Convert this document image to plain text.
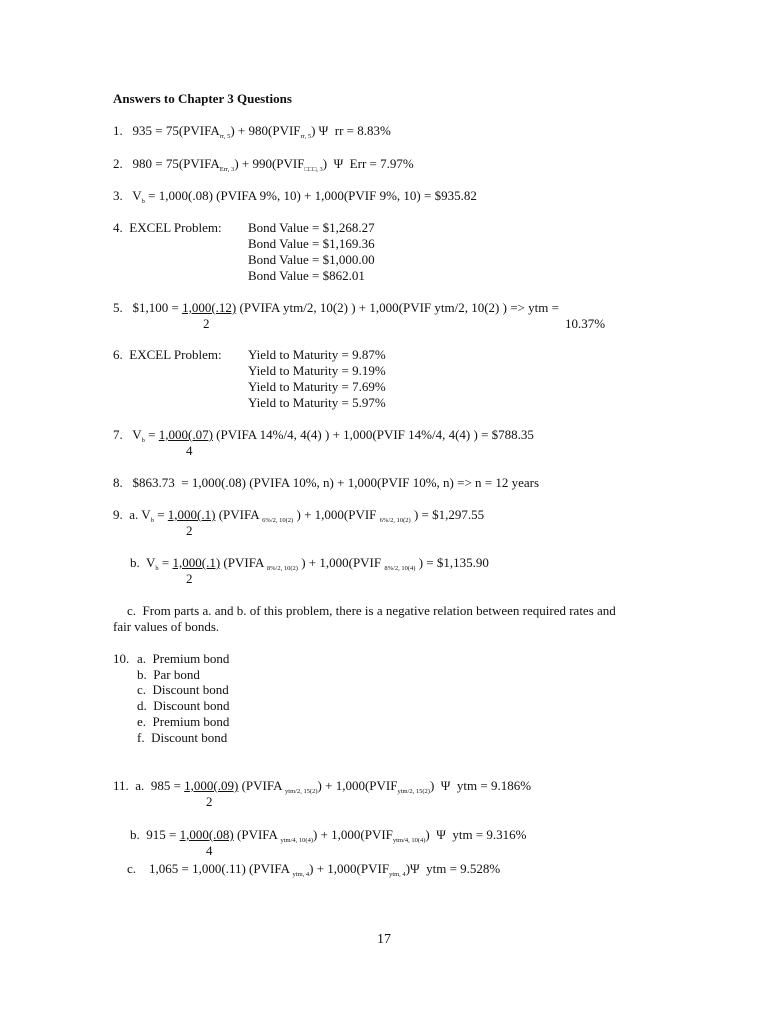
Answers to Chapter 3 Questions
1. $935 = 75(PVIFA_{rr, 5})$ + $980(PVIF_{rr, 5})$ Ψ  rr = 8.83%
2. $980 = 75(PVIFA_{Err, 3})$ + $990(PVIF_{□□□, 3})$  Ψ  Err = 7.97%
3. $V_b = 1,000(.08)$ (PVIFA 9%, 10) + 1,000(PVIF 9%, 10) = $935.82
4.  EXCEL Problem: Bond Value = $1,268.27
Bond Value = $1,169.36
Bond Value = $1,000.00
Bond Value = $862.01
5. $1,100 = 1,000(.12) (PVIFA ytm/2, 10(2) ) + 1,000(PVIF ytm/2, 10(2) ) => ytm =
2	10.37%
6.  EXCEL Problem: Yield to Maturity = 9.87%
Yield to Maturity = 9.19%
Yield to Maturity = 7.69%
Yield to Maturity = 5.97%
7. $V_b = 1,000(.07)$ (PVIFA 14%/4, 4(4) ) + 1,000(PVIF 14%/4, 4(4) ) = $788.35
4
8. $863.73  = 1,000(.08) (PVIFA 10%, n) + 1,000(PVIF 10%, n) => n = 12 years
9. a. $V_b = 1,000(.1)$ (PVIFA $_{6\%/2, 10(2)}$ ) + 1,000(PVIF $_{6\%/2, 10(2)}$ ) = $1,297.55
2
b. $V_b = 1,000(.1)$ (PVIFA $_{8\%/2, 10(2)}$ ) + 1,000(PVIF $_{8\%/2, 10(4)}$ ) = $1,135.90
2
c.  From parts a. and b. of this problem, there is a negative relation between required rates and
fair values of bonds.
10. a.  Premium bond
b.  Par bond
c.  Discount bond
d.  Discount bond
e.  Premium bond
f.  Discount bond
11. a. 985 = 1,000(.09) (PVIFA $_{ytm/2, 15(2)}) + 1,000(PVIF_{ytm/2, 15(2)})$  Ψ  ytm = 9.186%
2
b. 915 = 1,000(.08) (PVIFA $_{ytm/4, 10(4)}) + 1,000(PVIF_{ytm/4, 10(4)})$  Ψ  ytm = 9.316%
4
c. 1,065 = 1,000(.11) (PVIFA $_{ytm, 4}) + 1,000(PVIF_{ytm, 4})\Psi$  ytm = 9.528%
17
